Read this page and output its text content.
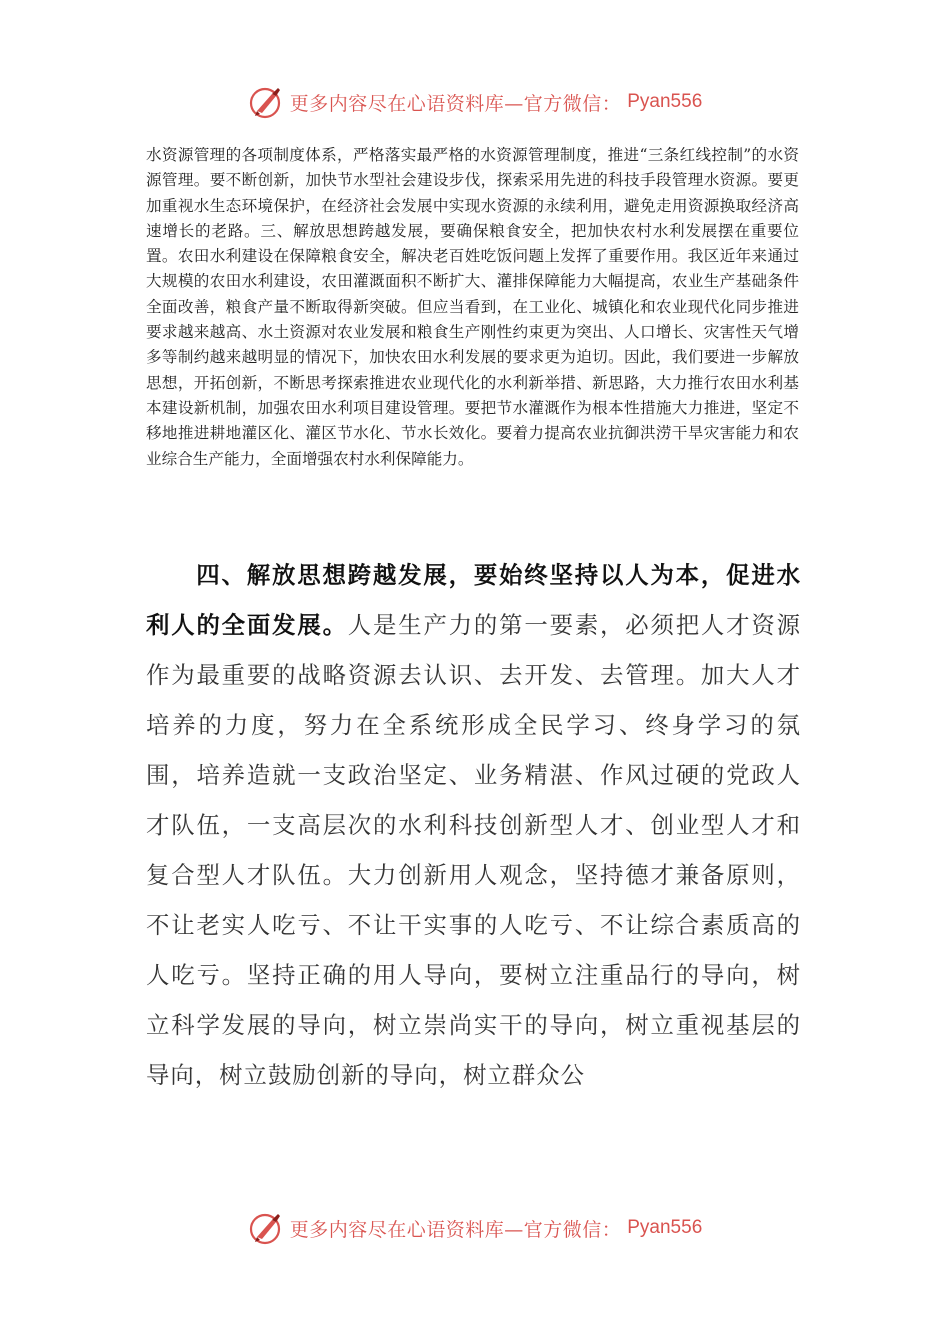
更多内容尽在心语资料库—官方微信： Pyan556

水资源管理的各项制度体系，严格落实最严格的水资源管理制度，推进“三条红线控制”的水资源管理。要不断创新，加快节水型社会建设步伐，探索采用先进的科技手段管理水资源。要更加重视水生态环境保护，在经济社会发展中实现水资源的永续利用，避免走用资源换取经济高速增长的老路。三、解放思想跨越发展，要确保粮食安全，把加快农村水利发展摆在重要位置。农田水利建设在保障粮食安全，解决老百姓吃饭问题上发挥了重要作用。我区近年来通过大规模的农田水利建设，农田灌溉面积不断扩大、灌排保障能力大幅提高，农业生产基础条件全面改善，粮食产量不断取得新突破。但应当看到，在工业化、城镇化和农业现代化同步推进要求越来越高、水土资源对农业发展和粮食生产刚性约束更为突出、人口增长、灾害性天气增多等制约越来越明显的情况下，加快农田水利发展的要求更为迫切。因此，我们要进一步解放思想，开拓创新，不断思考探索推进农业现代化的水利新举措、新思路，大力推行农田水利基本建设新机制，加强农田水利项目建设管理。要把节水灌溉作为根本性措施大力推进，坚定不移地推进耕地灌区化、灌区节水化、节水长效化。要着力提高农业抗御洪涝干旱灾害能力和农业综合生产能力，全面增强农村水利保障能力。

四、解放思想跨越发展，要始终坚持以人为本，促进水利人的全面发展。人是生产力的第一要素，必须把人才资源作为最重要的战略资源去认识、去开发、去管理。加大人才培养的力度，努力在全系统形成全民学习、终身学习的氛围，培养造就一支政治坚定、业务精湛、作风过硬的党政人才队伍，一支高层次的水利科技创新型人才、创业型人才和复合型人才队伍。大力创新用人观念，坚持德才兼备原则，不让老实人吃亏、不让干实事的人吃亏、不让综合素质高的人吃亏。坚持正确的用人导向，要树立注重品行的导向，树立科学发展的导向，树立崇尚实干的导向，树立重视基层的导向，树立鼓励创新的导向，树立群众公

更多内容尽在心语资料库—官方微信： Pyan556
